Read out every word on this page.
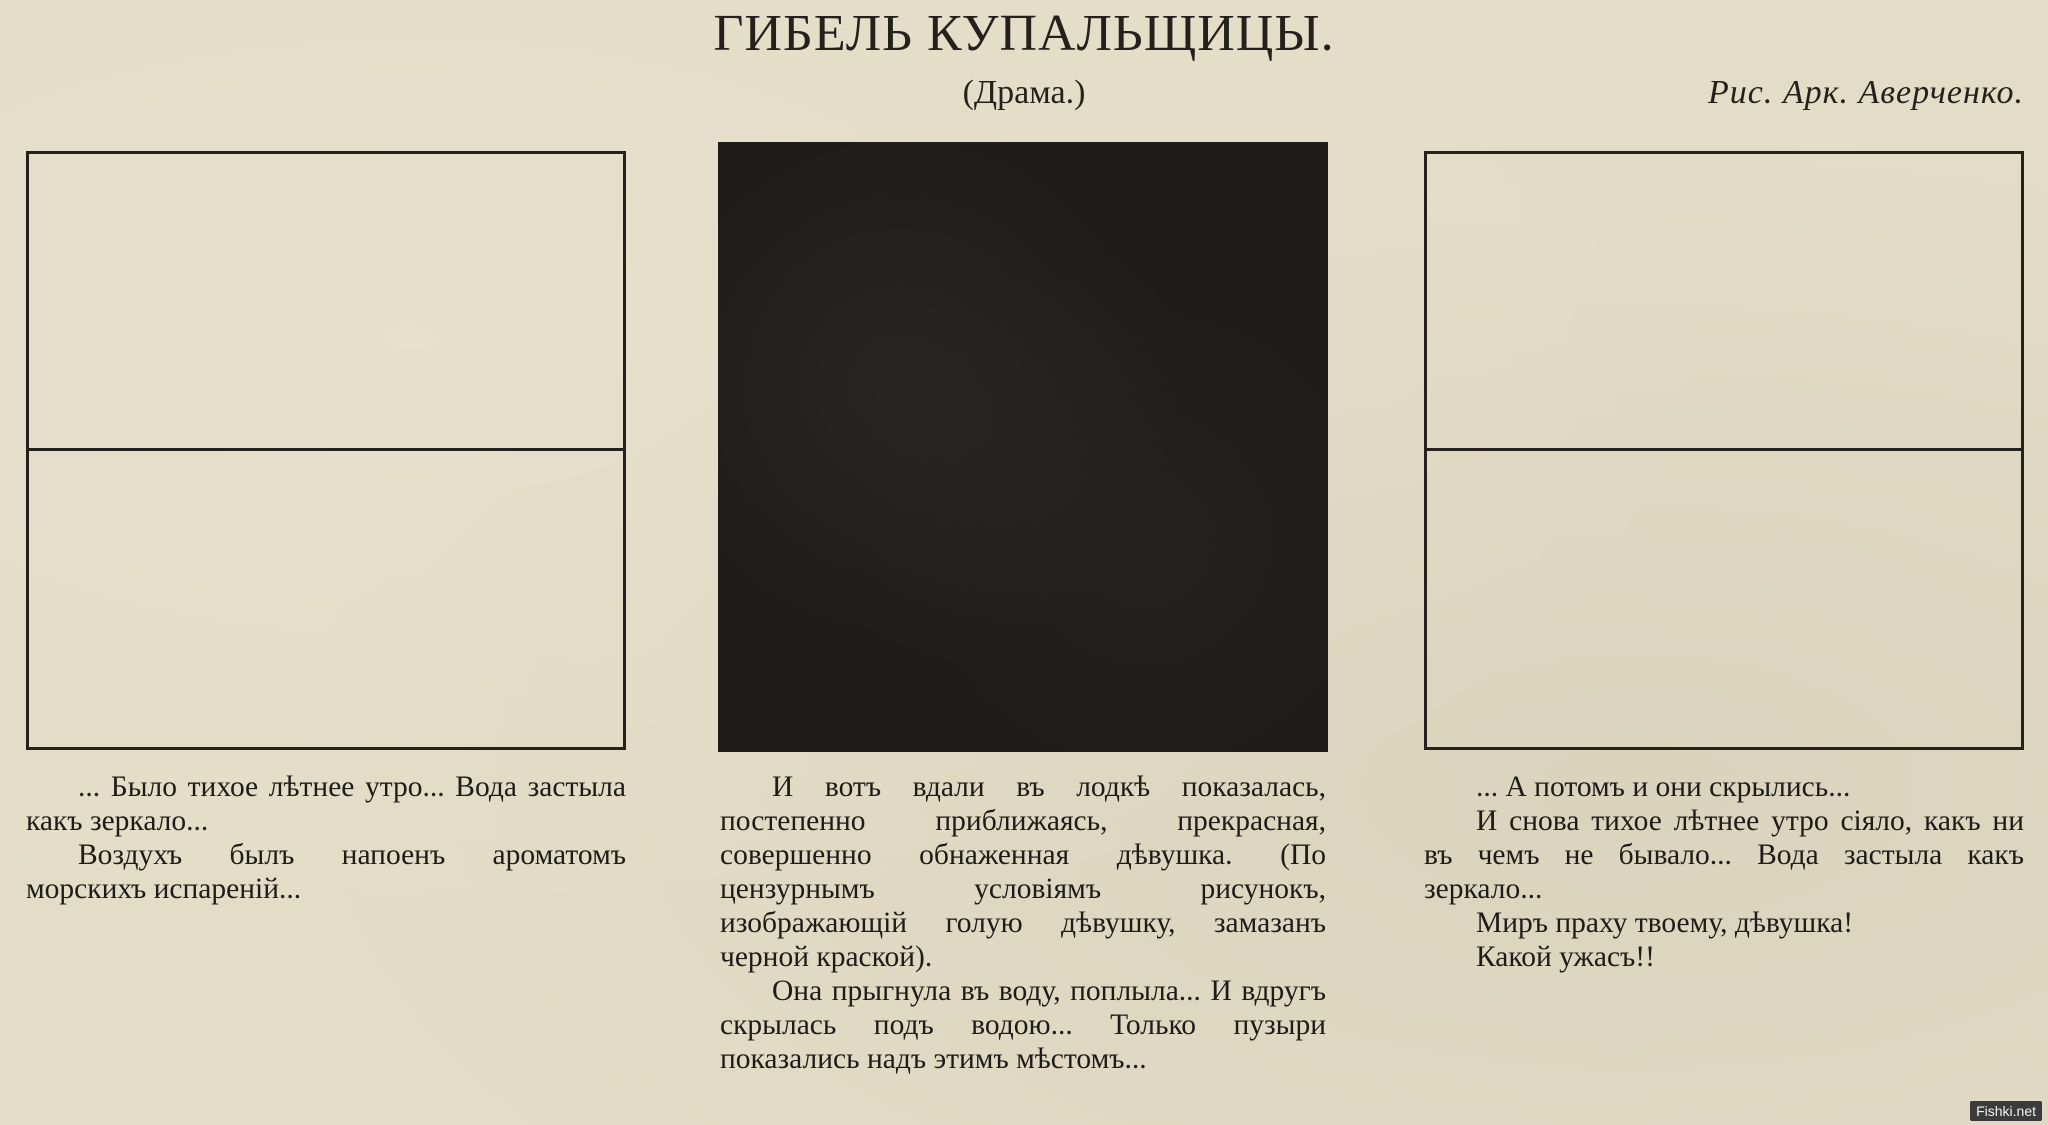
ГИБЕЛЬ КУПАЛЬЩИЦЫ.
(Драма.)	Рис. Арк. Аверченко.

... Было тихое лѣтнее утро... Вода застыла какъ зеркало...

Воздухъ былъ напоенъ ароматомъ морскихъ испареній...

И вотъ вдали въ лодкѣ показалась, постепенно приближаясь, прекрасная, совершенно обнаженная дѣвушка. (По цензурнымъ условіямъ рисунокъ, изображающій голую дѣвушку, замазанъ черной краской).

Она прыгнула въ воду, поплыла... И вдругъ скрылась подъ водою... Только пузыри показались надъ этимъ мѣстомъ...

... А потомъ и они скрылись...

И снова тихое лѣтнее утро сіяло, какъ ни въ чемъ не бывало... Вода застыла какъ зеркало...

Миръ праху твоему, дѣвушка!

Какой ужасъ!!

Fishki.net
